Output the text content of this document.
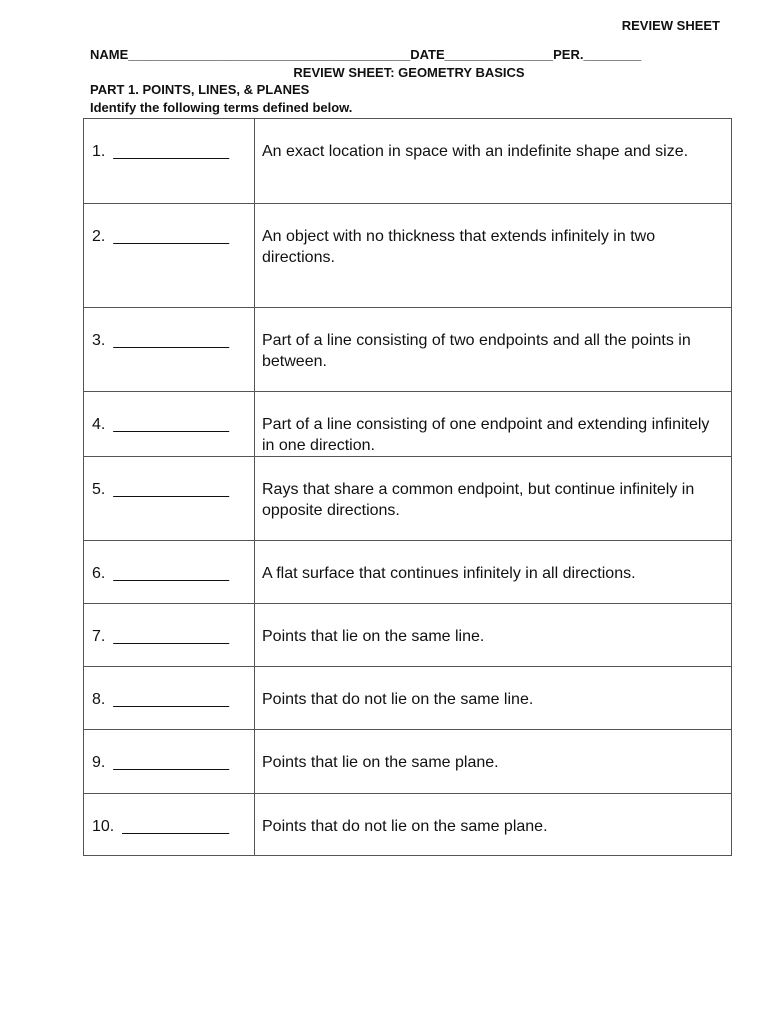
REVIEW SHEET
NAME_______________________________________DATE_______________PER.________
REVIEW SHEET: GEOMETRY BASICS
PART 1. POINTS, LINES, & PLANES
Identify the following terms defined below.
1. _____________	An exact location in space with an indefinite shape and size.
2. _____________	An object with no thickness that extends infinitely in two directions.
3. _____________	Part of a line consisting of two endpoints and all the points in between.
4. _____________	Part of a line consisting of one endpoint and extending infinitely in one direction.
5. _____________	Rays that share a common endpoint, but continue infinitely in opposite directions.
6. _____________	A flat surface that continues infinitely in all directions.
7. _____________	Points that lie on the same line.
8. _____________	Points that do not lie on the same line.
9. _____________	Points that lie on the same plane.
10. ____________	Points that do not lie on the same plane.
